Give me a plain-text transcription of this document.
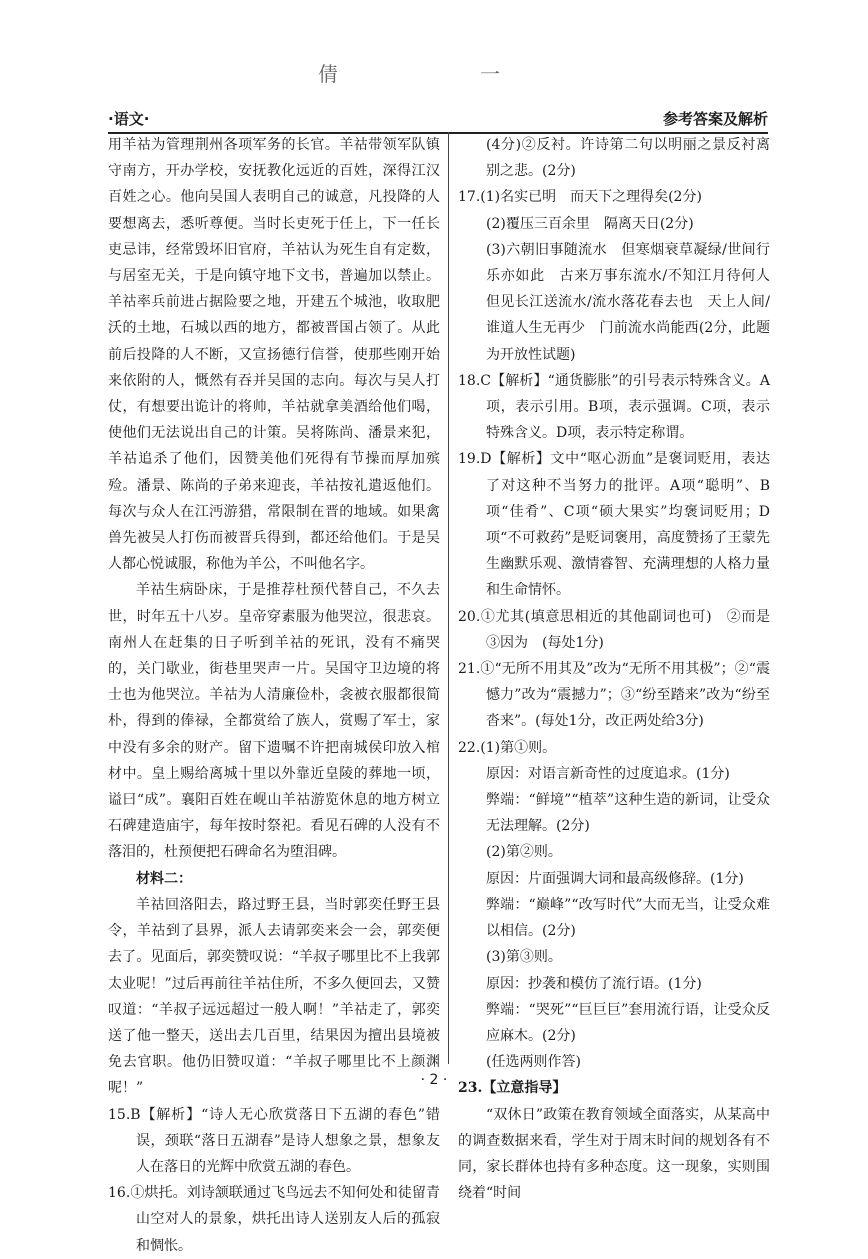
倩	一
·语文·	参考答案及解析

用羊祜为管理荆州各项军务的长官。羊祜带领军队镇守南方，开办学校，安抚教化远近的百姓，深得江汉百姓之心。他向吴国人表明自己的诚意，凡投降的人要想离去，悉听尊便。当时长吏死于任上，下一任长吏忌讳，经常毁坏旧官府，羊祜认为死生自有定数，与居室无关，于是向镇守地下文书，普遍加以禁止。羊祜率兵前进占据险要之地，开建五个城池，收取肥沃的土地，石城以西的地方，都被晋国占领了。从此前后投降的人不断，又宣扬德行信誉，使那些刚开始来依附的人，慨然有吞并吴国的志向。每次与吴人打仗，有想要出诡计的将帅，羊祜就拿美酒给他们喝，使他们无法说出自己的计策。吴将陈尚、潘景来犯，羊祜追杀了他们，因赞美他们死得有节操而厚加殡殓。潘景、陈尚的子弟来迎丧，羊祜按礼遣返他们。每次与众人在江沔游猎，常限制在晋的地域。如果禽兽先被吴人打伤而被晋兵得到，都还给他们。于是吴人都心悦诚服，称他为羊公，不叫他名字。

羊祜生病卧床，于是推荐杜预代替自己，不久去世，时年五十八岁。皇帝穿素服为他哭泣，很悲哀。南州人在赶集的日子听到羊祜的死讯，没有不痛哭的，关门歇业，街巷里哭声一片。吴国守卫边境的将士也为他哭泣。羊祜为人清廉俭朴，衾被衣服都很简朴，得到的俸禄，全都赏给了族人，赏赐了军士，家中没有多余的财产。留下遗嘱不许把南城侯印放入棺材中。皇上赐给离城十里以外靠近皇陵的葬地一顷，谥曰“成”。襄阳百姓在岘山羊祜游览休息的地方树立石碑建造庙宇，每年按时祭祀。看见石碑的人没有不落泪的，杜预便把石碑命名为堕泪碑。

材料二：

羊祜回洛阳去，路过野王县，当时郭奕任野王县令，羊祜到了县界，派人去请郭奕来会一会，郭奕便去了。见面后，郭奕赞叹说：“羊叔子哪里比不上我郭太业呢！”过后再前往羊祜住所，不多久便回去，又赞叹道：“羊叔子远远超过一般人啊！”羊祜走了，郭奕送了他一整天，送出去几百里，结果因为擅出县境被免去官职。他仍旧赞叹道：“羊叔子哪里比不上颜渊呢！”

15.B【解析】“诗人无心欣赏落日下五湖的春色”错误，颈联“落日五湖春”是诗人想象之景，想象友人在落日的光辉中欣赏五湖的春色。

16.①烘托。刘诗颔联通过飞鸟远去不知何处和徒留青山空对人的景象，烘托出诗人送别友人后的孤寂和惆怅。

(4分)②反衬。许诗第二句以明丽之景反衬离别之悲。(2分)

17.(1)名实已明　而天下之理得矣(2分)

(2)覆压三百余里　隔离天日(2分)

(3)六朝旧事随流水　但寒烟衰草凝绿/世间行乐亦如此　古来万事东流水/不知江月待何人　但见长江送流水/流水落花春去也　天上人间/谁道人生无再少　门前流水尚能西(2分，此题为开放性试题)

18.C【解析】“通货膨胀”的引号表示特殊含义。A项，表示引用。B项，表示强调。C项，表示特殊含义。D项，表示特定称谓。

19.D【解析】文中“呕心沥血”是褒词贬用，表达了对这种不当努力的批评。A项“聪明”、B项“佳肴”、C项“硕大果实”均褒词贬用；D项“不可救药”是贬词褒用，高度赞扬了王蒙先生幽默乐观、激情睿智、充满理想的人格力量和生命情怀。

20.①尤其(填意思相近的其他副词也可)　②而是　③因为　(每处1分)

21.①“无所不用其及”改为“无所不用其极”；②“震憾力”改为“震撼力”；③“纷至踏来”改为“纷至沓来”。(每处1分，改正两处给3分)

22.(1)第①则。

原因：对语言新奇性的过度追求。(1分)

弊端：“鲜境”“植萃”这种生造的新词，让受众无法理解。(2分)

(2)第②则。

原因：片面强调大词和最高级修辞。(1分)

弊端：“巅峰”“改写时代”大而无当，让受众难以相信。(2分)

(3)第③则。

原因：抄袭和模仿了流行语。(1分)

弊端：“哭死”“巨巨巨”套用流行语，让受众反应麻木。(2分)

(任选两则作答)

23.【立意指导】

“双休日”政策在教育领域全面落实，从某高中的调查数据来看，学生对于周末时间的规划各有不同，家长群体也持有多种态度。这一现象，实则围绕着“时间

· 2 ·
